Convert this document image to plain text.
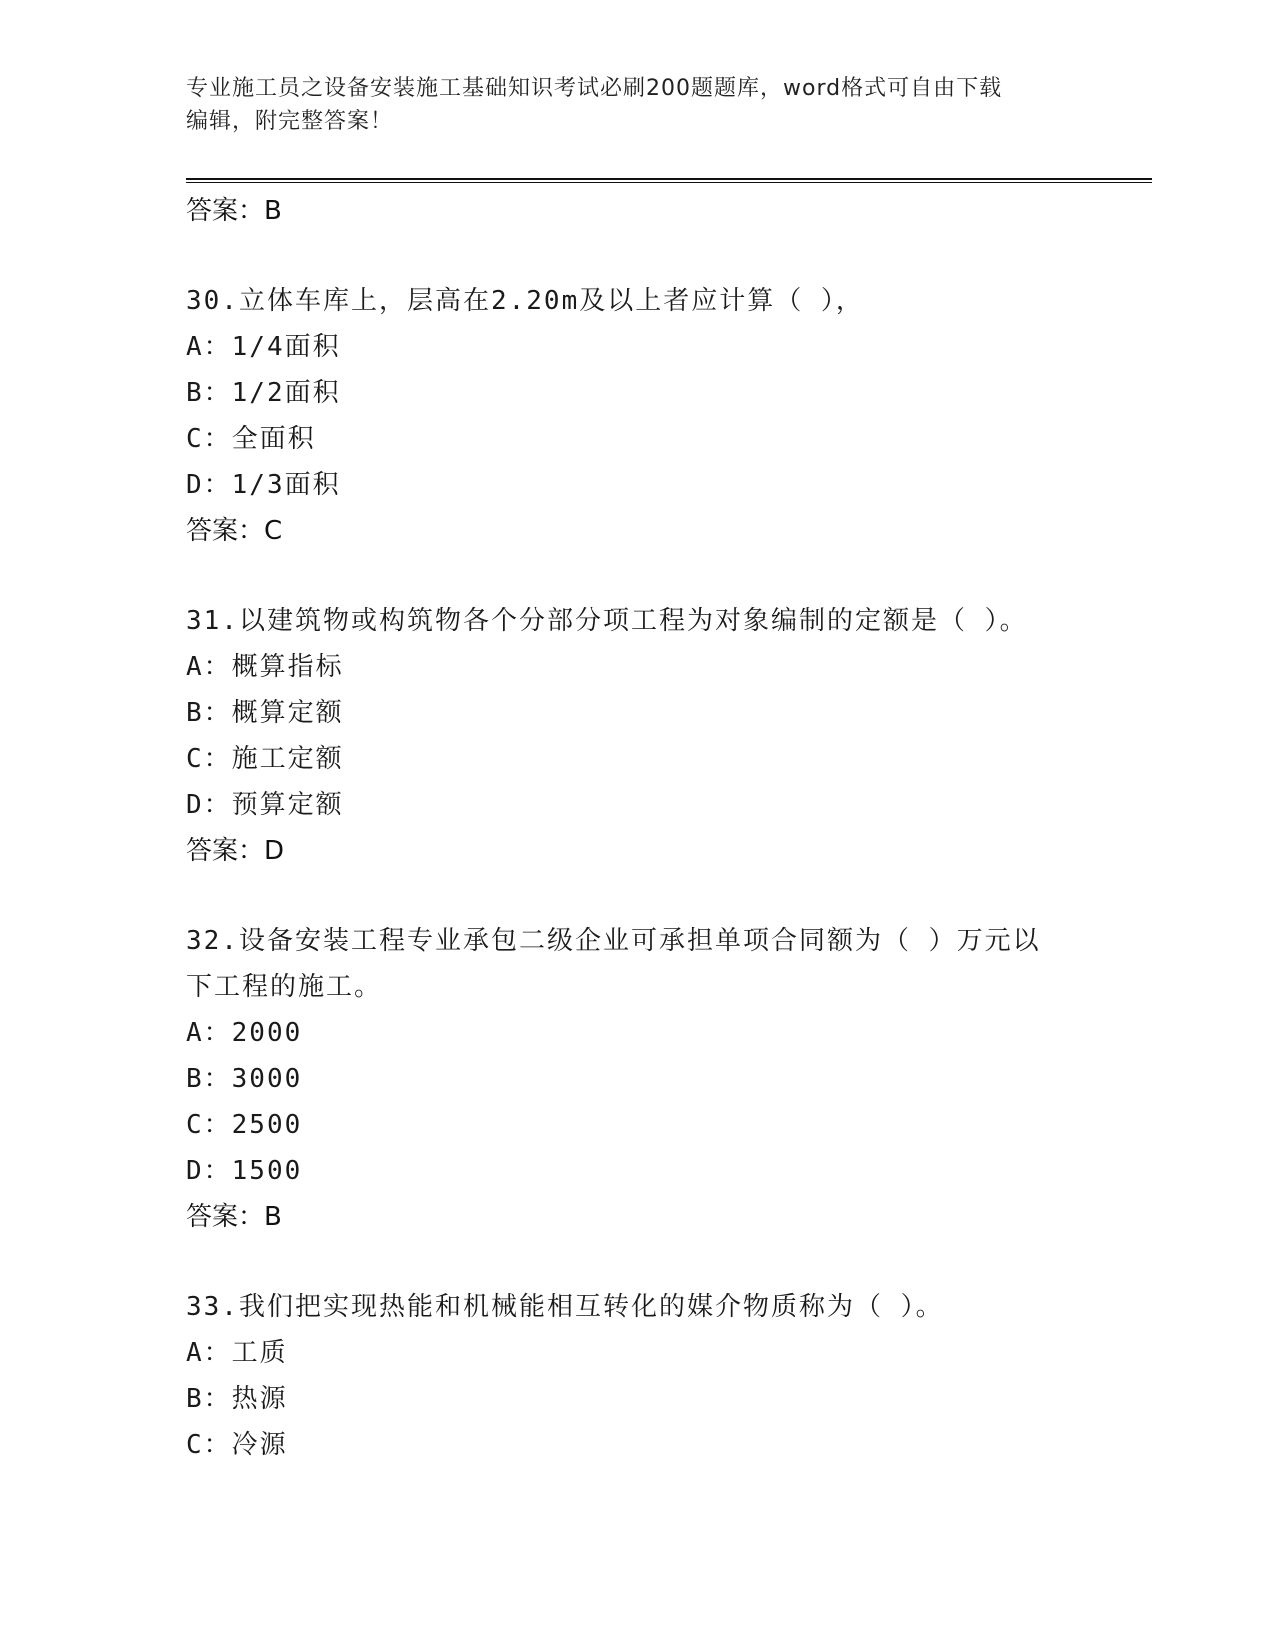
专业施工员之设备安装施工基础知识考试必刷200题题库，word格式可自由下载
编辑，附完整答案！
答案：B
30.立体车库上，层高在2.20m及以上者应计算（ ），
A：1/4面积
B：1/2面积
C：全面积
D：1/3面积
答案：C
31.以建筑物或构筑物各个分部分项工程为对象编制的定额是（ ）。
A：概算指标
B：概算定额
C：施工定额
D：预算定额
答案：D
32.设备安装工程专业承包二级企业可承担单项合同额为（ ）万元以
下工程的施工。
A：2000
B：3000
C：2500
D：1500
答案：B
33.我们把实现热能和机械能相互转化的媒介物质称为（ ）。
A：工质
B：热源
C：冷源
